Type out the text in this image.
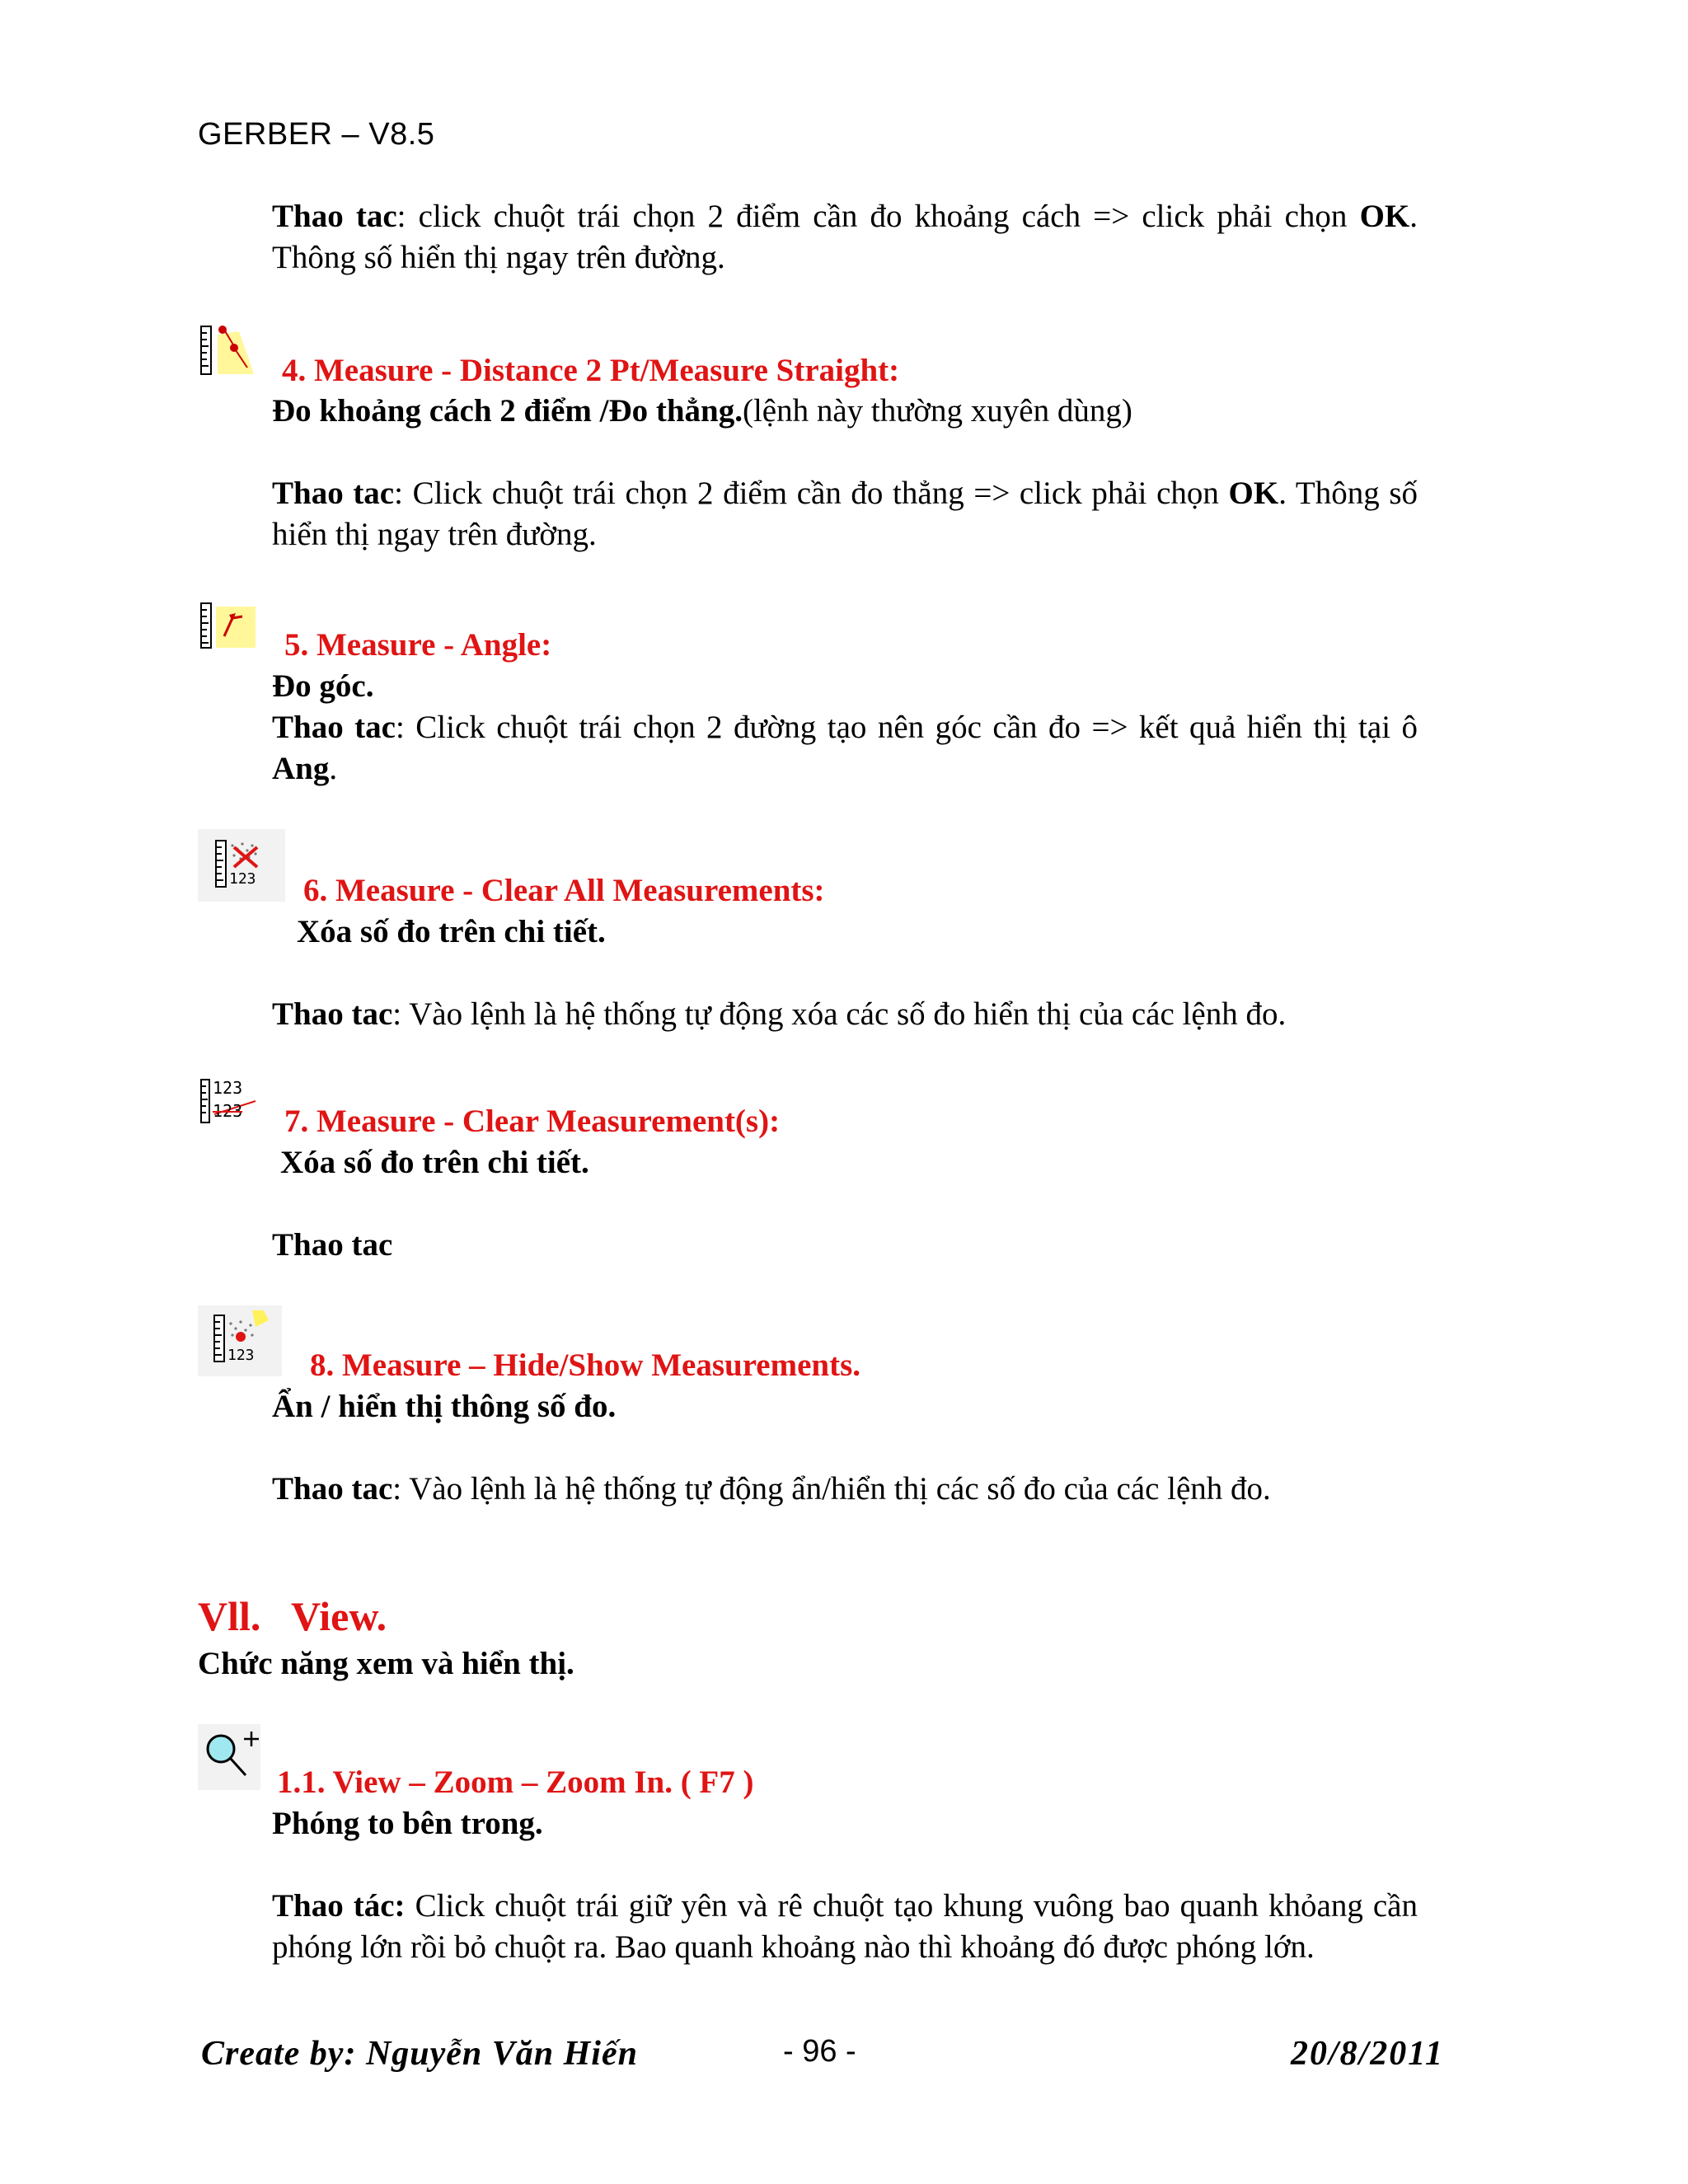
GERBER – V8.5

Thao tac: click chuột trái chọn 2 điểm cần đo khoảng cách => click phải chọn OK. Thông số hiển thị ngay trên đường.

4. Measure - Distance 2 Pt/Measure Straight:

Đo khoảng cách 2 điểm /Đo thẳng.(lệnh này thường xuyên dùng)

Thao tac: Click chuột trái chọn 2 điểm cần đo thẳng => click phải chọn OK. Thông số hiển thị ngay trên đường.

5. Measure - Angle:

Đo góc.

Thao tac: Click chuột trái chọn 2 đường tạo nên góc cần đo => kết quả hiển thị tại ô Ang.

123 6. Measure - Clear All Measurements:

Xóa số đo trên chi tiết.

Thao tac: Vào lệnh là hệ thống tự động xóa các số đo hiển thị của các lệnh đo.

123
123 7. Measure - Clear Measurement(s):

Xóa số đo trên chi tiết.

Thao tac

123 8. Measure – Hide/Show Measurements.

Ẩn / hiển thị thông số đo.

Thao tac: Vào lệnh là hệ thống tự động ẩn/hiển thị các số đo của các lệnh đo.

Vll.   View.

Chức năng xem và hiển thị.

1.1. View – Zoom – Zoom In. ( F7 )

Phóng to bên trong.

Thao tác: Click chuột trái giữ yên và rê chuột tạo khung vuông bao quanh khỏang cần phóng lớn rồi bỏ chuột ra. Bao quanh khoảng nào thì khoảng đó được phóng lớn.

Create by: Nguyễn Văn Hiến	- 96 -	20/8/2011
